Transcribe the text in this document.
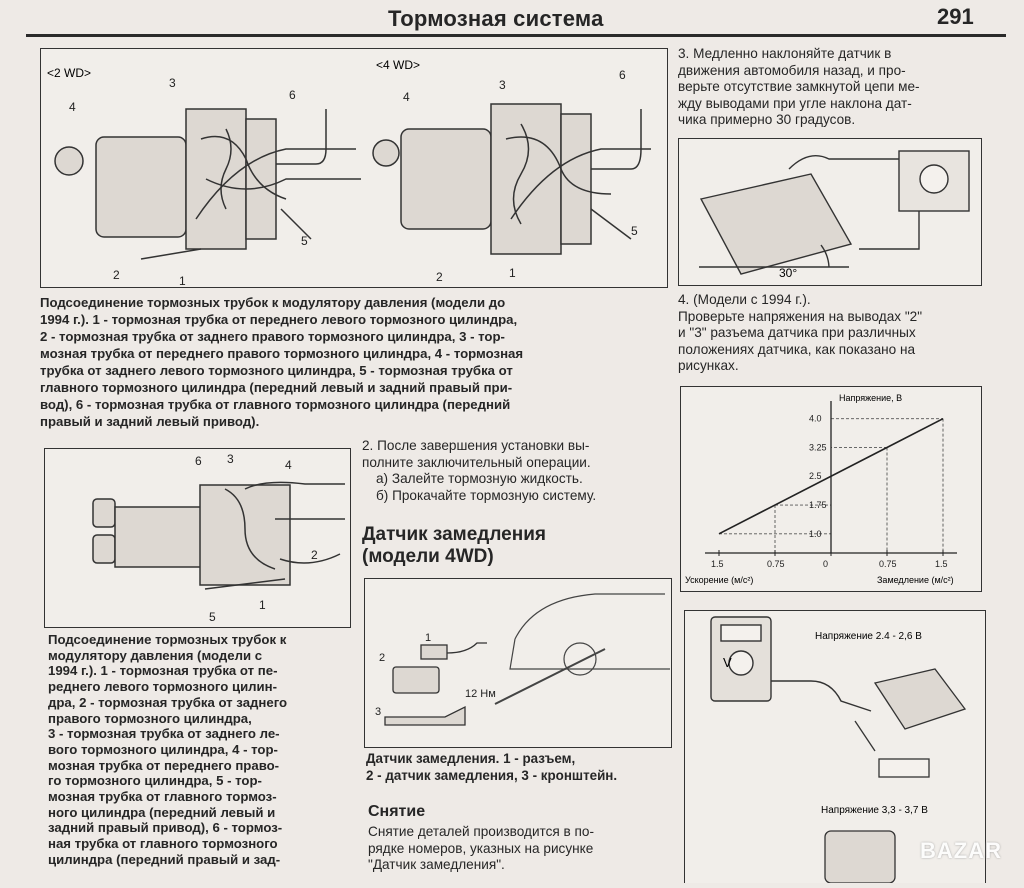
Тормозная система	291
<2 WD>
<4 WD>
3
6
4
5
2	1
3
6
4
5
2	1
Подсоединение тормозных трубок к модулятору давления (модели до
1994 г.). 1 - тормозная трубка от переднего левого тормозного цилиндра,
2 - тормозная трубка от заднего правого тормозного цилиндра, 3 - тор-
мозная трубка от переднего правого тормозного цилиндра, 4 - тормозная
трубка от заднего левого тормозного цилиндра, 5 - тормозная трубка от
главного тормозного цилиндра (передний левый и задний правый при-
вод), 6 - тормозная трубка от главного тормозного цилиндра (передний
правый и задний левый привод).
6 3	4
2
5
1
Подсоединение тормозных трубок к
модулятору давления (модели с
1994 г.). 1 - тормозная трубка от пе-
реднего левого тормозного цилин-
дра, 2 - тормозная трубка от заднего
правого тормозного цилиндра,
3 - тормозная трубка от заднего ле-
вого тормозного цилиндра, 4 - тор-
мозная трубка от переднего право-
го тормозного цилиндра, 5 - тор-
мозная трубка от главного тормоз-
ного цилиндра (передний левый и
задний правый привод), 6 - тормоз-
ная трубка от главного тормозного
цилиндра (передний правый и зад-
2. После завершения установки вы-
полните заключительный операции.
а) Залейте тормозную жидкость.
б) Прокачайте тормозную систему.
Датчик замедления
(модели 4WD)
2
1
3
12 Нм
Датчик замедления. 1 - разъем,
2 - датчик замедления, 3 - кронштейн.
Снятие
Снятие деталей производится в по-
рядке номеров, указных на рисунке
"Датчик замедления".
3. Медленно наклоняйте датчик в
движения автомобиля назад, и про-
верьте отсутствие замкнутой цепи ме-
жду выводами при угле наклона дат-
чика примерно 30 градусов.
30°
4. (Модели с 1994 г.).
Проверьте напряжения на выводах "2"
и "3" разъема датчика при различных
положениях датчика, как показано на
рисунках.
1.5	0.75	0	0.75	1.5
1.0
1.75
2.5
3.25
4.0
Напряжение, В
Ускорение (м/с²)	Замедление (м/с²)
V
Напряжение 2.4 - 2,6 В
Напряжение 3,3 - 3,7 В
BAZAR
